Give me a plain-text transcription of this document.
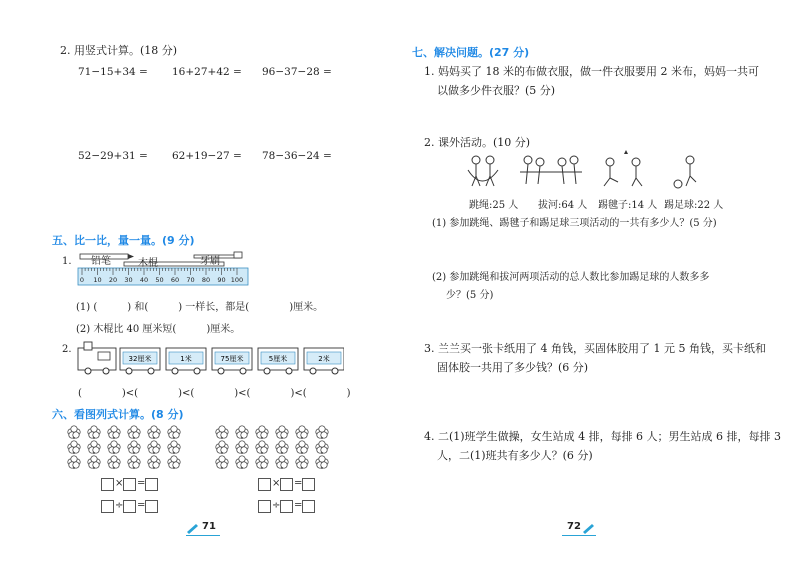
2. 用竖式计算。(18 分)
71−15+34 = 16+27+42 = 96−37−28 =
52−29+31 = 62+19−27 = 78−36−24 =
五、比一比，量一量。(9 分)
1.
0 10 20 30 40 50 60 70 80 90 100
铅笔	木棍	牙刷
(1) (　　　) 和(　　　) 一样长，都是(　　　　)厘米。
(2) 木棍比 40 厘米短(　　　)厘米。
2.
32厘米	1米	75厘米	5厘米	2米
(　　　　)<(　　　　)<(　　　　)<(　　　　)<(　　　　)
六、看图列式计算。(8 分)
× =
÷ =
× =
÷ =
71
七、解决问题。(27 分)
1. 妈妈买了 18 米的布做衣服，做一件衣服要用 2 米布，妈妈一共可
以做多少件衣服？(5 分)
2. 课外活动。(10 分)
跳绳:25 人 拔河:64 人 踢毽子:14 人 踢足球:22 人
(1) 参加跳绳、踢毽子和踢足球三项活动的一共有多少人？(5 分)
(2) 参加跳绳和拔河两项活动的总人数比参加踢足球的人数多多
少？(5 分)
3. 兰兰买一张卡纸用了 4 角钱，买固体胶用了 1 元 5 角钱，买卡纸和
固体胶一共用了多少钱？(6 分)
4. 二(1)班学生做操，女生站成 4 排，每排 6 人；男生站成 6 排，每排 3
人，二(1)班共有多少人？(6 分)
72
